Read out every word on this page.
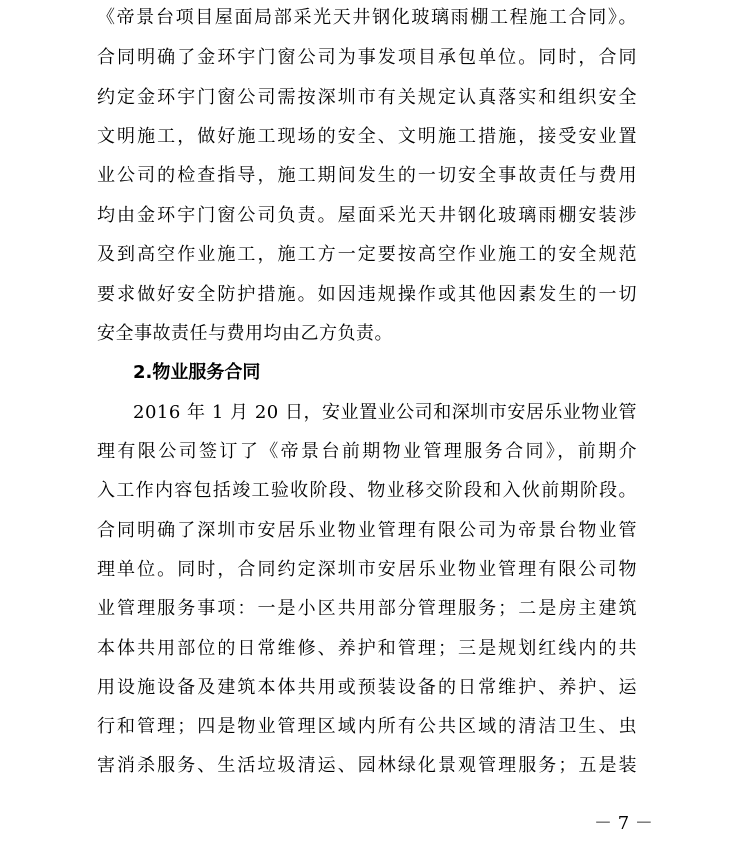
《帝景台项目屋面局部采光天井钢化玻璃雨棚工程施工合同》。
合同明确了金环宇门窗公司为事发项目承包单位。同时，合同
约定金环宇门窗公司需按深圳市有关规定认真落实和组织安全
文明施工，做好施工现场的安全、文明施工措施，接受安业置
业公司的检查指导，施工期间发生的一切安全事故责任与费用
均由金环宇门窗公司负责。屋面采光天井钢化玻璃雨棚安装涉
及到高空作业施工，施工方一定要按高空作业施工的安全规范
要求做好安全防护措施。如因违规操作或其他因素发生的一切
安全事故责任与费用均由乙方负责。
2.物业服务合同
2016 年 1 月 20 日，安业置业公司和深圳市安居乐业物业管
理有限公司签订了《帝景台前期物业管理服务合同》，前期介
入工作内容包括竣工验收阶段、物业移交阶段和入伙前期阶段。
合同明确了深圳市安居乐业物业管理有限公司为帝景台物业管
理单位。同时，合同约定深圳市安居乐业物业管理有限公司物
业管理服务事项：一是小区共用部分管理服务；二是房主建筑
本体共用部位的日常维修、养护和管理；三是规划红线内的共
用设施设备及建筑本体共用或预装设备的日常维护、养护、运
行和管理；四是物业管理区域内所有公共区域的清洁卫生、虫
害消杀服务、生活垃圾清运、园林绿化景观管理服务；五是装
－ 7 －
